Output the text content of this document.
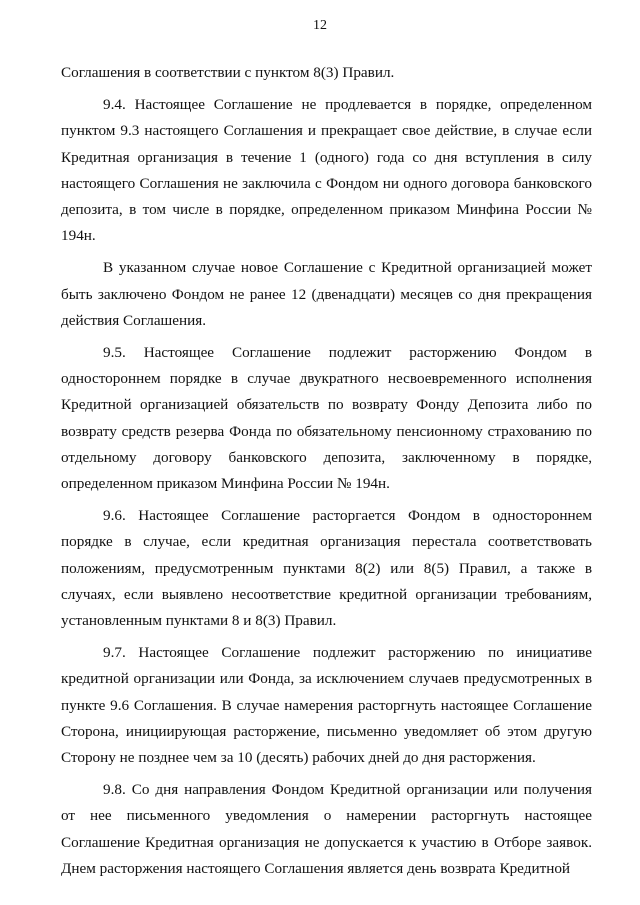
12

Соглашения в соответствии с пунктом 8(3) Правил.

9.4. Настоящее Соглашение не продлевается в порядке, определенном пунктом 9.3 настоящего Соглашения и прекращает свое действие, в случае если Кредитная организация в течение 1 (одного) года со дня вступления в силу настоящего Соглашения не заключила с Фондом ни одного договора банковского депозита, в том числе в порядке, определенном приказом Минфина России № 194н.

В указанном случае новое Соглашение с Кредитной организацией может быть заключено Фондом не ранее 12 (двенадцати) месяцев со дня прекращения действия Соглашения.

9.5. Настоящее Соглашение подлежит расторжению Фондом в одностороннем порядке в случае двукратного несвоевременного исполнения Кредитной организацией обязательств по возврату Фонду Депозита либо по возврату средств резерва Фонда по обязательному пенсионному страхованию по отдельному договору банковского депозита, заключенному в порядке, определенном приказом Минфина России № 194н.

9.6. Настоящее Соглашение расторгается Фондом в одностороннем порядке в случае, если кредитная организация перестала соответствовать положениям, предусмотренным пунктами 8(2) или 8(5) Правил, а также в случаях, если выявлено несоответствие кредитной организации требованиям, установленным пунктами 8 и 8(3) Правил.

9.7. Настоящее Соглашение подлежит расторжению по инициативе кредитной организации или Фонда, за исключением случаев предусмотренных в пункте 9.6 Соглашения. В случае намерения расторгнуть настоящее Соглашение Сторона, инициирующая расторжение, письменно уведомляет об этом другую Сторону не позднее чем за 10 (десять) рабочих дней до дня расторжения.

9.8. Со дня направления Фондом Кредитной организации или получения от нее письменного уведомления о намерении расторгнуть настоящее Соглашение Кредитная организация не допускается к участию в Отборе заявок. Днем расторжения настоящего Соглашения является день возврата Кредитной
